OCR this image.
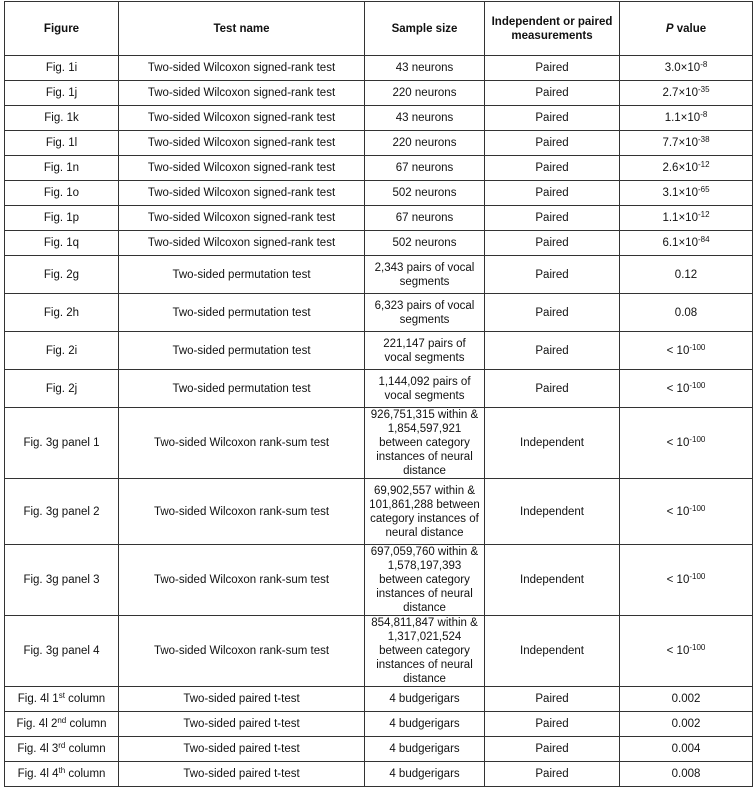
Figure	Test name	Sample size	Independent or paired measurements	P value
Fig. 1i	Two-sided Wilcoxon signed-rank test	43 neurons	Paired	$3.0\times 10^{-8}$
Fig. 1j	Two-sided Wilcoxon signed-rank test	220 neurons	Paired	$2.7\times 10^{-35}$
Fig. 1k	Two-sided Wilcoxon signed-rank test	43 neurons	Paired	$1.1\times 10^{-8}$
Fig. 1l	Two-sided Wilcoxon signed-rank test	220 neurons	Paired	$7.7\times 10^{-38}$
Fig. 1n	Two-sided Wilcoxon signed-rank test	67 neurons	Paired	$2.6\times 10^{-12}$
Fig. 1o	Two-sided Wilcoxon signed-rank test	502 neurons	Paired	$3.1\times 10^{-65}$
Fig. 1p	Two-sided Wilcoxon signed-rank test	67 neurons	Paired	$1.1\times 10^{-12}$
Fig. 1q	Two-sided Wilcoxon signed-rank test	502 neurons	Paired	$6.1\times 10^{-84}$
Fig. 2g	Two-sided permutation test	2,343 pairs of vocal segments	Paired	0.12
Fig. 2h	Two-sided permutation test	6,323 pairs of vocal segments	Paired	0.08
Fig. 2i	Two-sided permutation test	221,147 pairs of vocal segments	Paired	< $10^{-100}$
Fig. 2j	Two-sided permutation test	1,144,092 pairs of vocal segments	Paired	< $10^{-100}$
Fig. 3g panel 1	Two-sided Wilcoxon rank-sum test	926,751,315 within & 1,854,597,921 between category instances of neural distance	Independent	< $10^{-100}$
Fig. 3g panel 2	Two-sided Wilcoxon rank-sum test	69,902,557 within & 101,861,288 between category instances of neural distance	Independent	< $10^{-100}$
Fig. 3g panel 3	Two-sided Wilcoxon rank-sum test	697,059,760 within & 1,578,197,393 between category instances of neural distance	Independent	< $10^{-100}$
Fig. 3g panel 4	Two-sided Wilcoxon rank-sum test	854,811,847 within & 1,317,021,524 between category instances of neural distance	Independent	< $10^{-100}$
Fig. 4l 1st column	Two-sided paired t-test	4 budgerigars	Paired	0.002
Fig. 4l 2nd column	Two-sided paired t-test	4 budgerigars	Paired	0.002
Fig. 4l 3rd column	Two-sided paired t-test	4 budgerigars	Paired	0.004
Fig. 4l 4th column	Two-sided paired t-test	4 budgerigars	Paired	0.008
